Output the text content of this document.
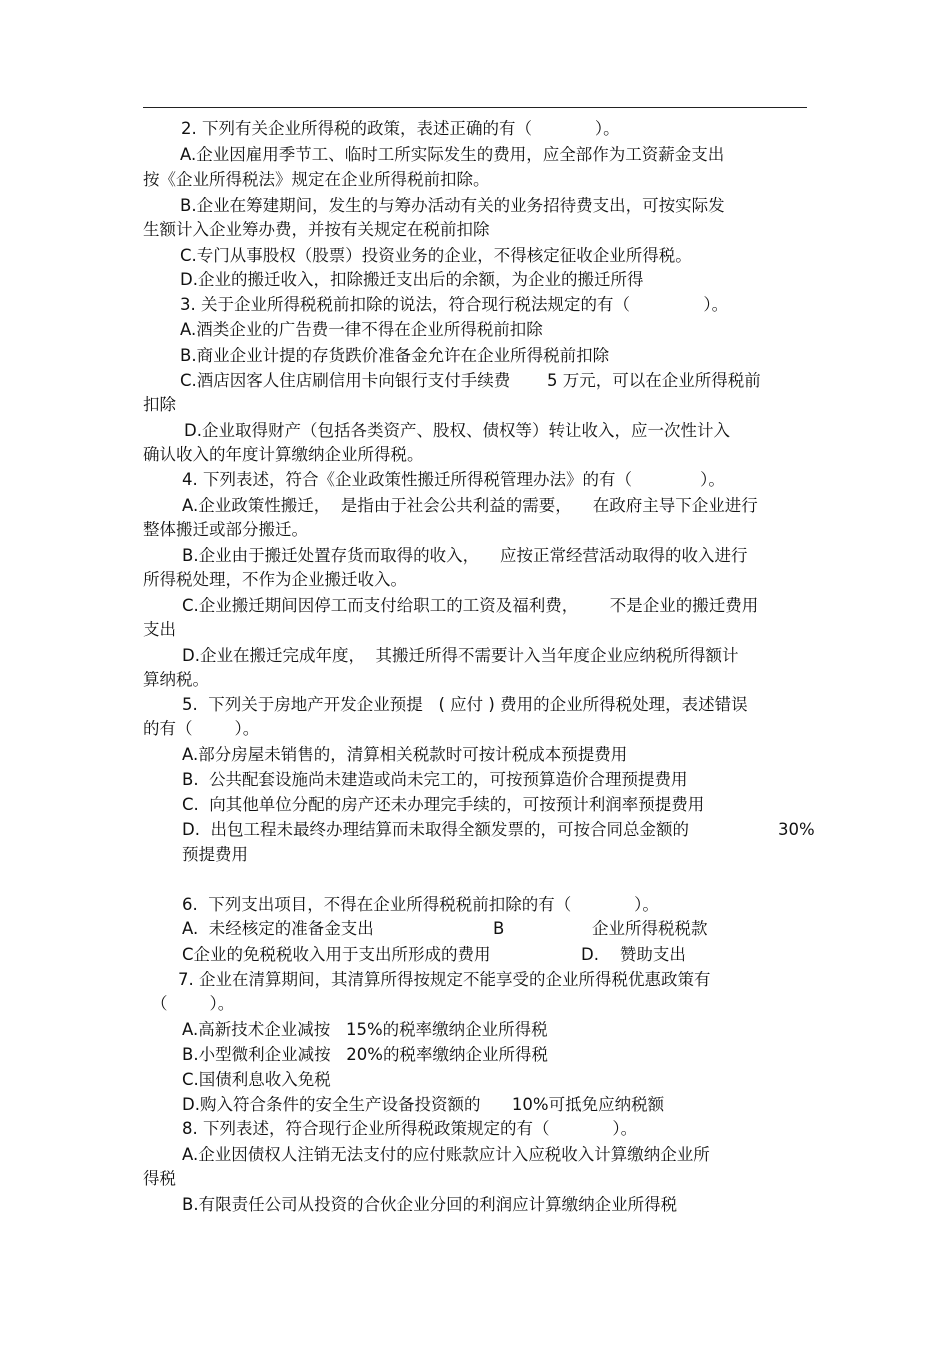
2. 下列有关企业所得税的政策，表述正确的有（            ）。
A.企业因雇用季节工、临时工所实际发生的费用，应全部作为工资薪金支出
按《企业所得税法》规定在企业所得税前扣除。
B.企业在筹建期间，发生的与筹办活动有关的业务招待费支出，可按实际发
生额计入企业筹办费，并按有关规定在税前扣除
C.专门从事股权（股票）投资业务的企业，不得核定征收企业所得税。
D.企业的搬迁收入，扣除搬迁支出后的余额，为企业的搬迁所得
3. 关于企业所得税税前扣除的说法，符合现行税法规定的有（              ）。
A.酒类企业的广告费一律不得在企业所得税前扣除
B.商业企业计提的存货跌价准备金允许在企业所得税前扣除
C.酒店因客人住店刷信用卡向银行支付手续费       5 万元，可以在企业所得税前
扣除
D.企业取得财产（包括各类资产、股权、债权等）转让收入，应一次性计入
确认收入的年度计算缴纳企业所得税。
4. 下列表述，符合《企业政策性搬迁所得税管理办法》的有（             ）。
A.企业政策性搬迁，  是指由于社会公共利益的需要，    在政府主导下企业进行
整体搬迁或部分搬迁。
B.企业由于搬迁处置存货而取得的收入，    应按正常经营活动取得的收入进行
所得税处理，不作为企业搬迁收入。
C.企业搬迁期间因停工而支付给职工的工资及福利费，      不是企业的搬迁费用
支出
D.企业在搬迁完成年度，  其搬迁所得不需要计入当年度企业应纳税所得额计
算纳税。
5.  下列关于房地产开发企业预提   ( 应付 ) 费用的企业所得税处理，表述错误
的有（        ）。
A.部分房屋未销售的，清算相关税款时可按计税成本预提费用
B.  公共配套设施尚未建造或尚未完工的，可按预算造价合理预提费用
C.  向其他单位分配的房产还未办理完手续的，可按预计利润率预提费用
D.  出包工程未最终办理结算而未取得全额发票的，可按合同总金额的	30%
预提费用
6.  下列支出项目，不得在企业所得税税前扣除的有（            ）。
A.  未经核定的准备金支出	B	企业所得税税款
C企业的免税税收入用于支出所形成的费用	D.    赞助支出
7. 企业在清算期间，其清算所得按规定不能享受的企业所得税优惠政策有
（        ）。
A.高新技术企业减按   15%的税率缴纳企业所得税
B.小型微利企业减按   20%的税率缴纳企业所得税
C.国债利息收入免税
D.购入符合条件的安全生产设备投资额的      10%可抵免应纳税额
8. 下列表述，符合现行企业所得税政策规定的有（            ）。
A.企业因债权人注销无法支付的应付账款应计入应税收入计算缴纳企业所
得税
B.有限责任公司从投资的合伙企业分回的利润应计算缴纳企业所得税
